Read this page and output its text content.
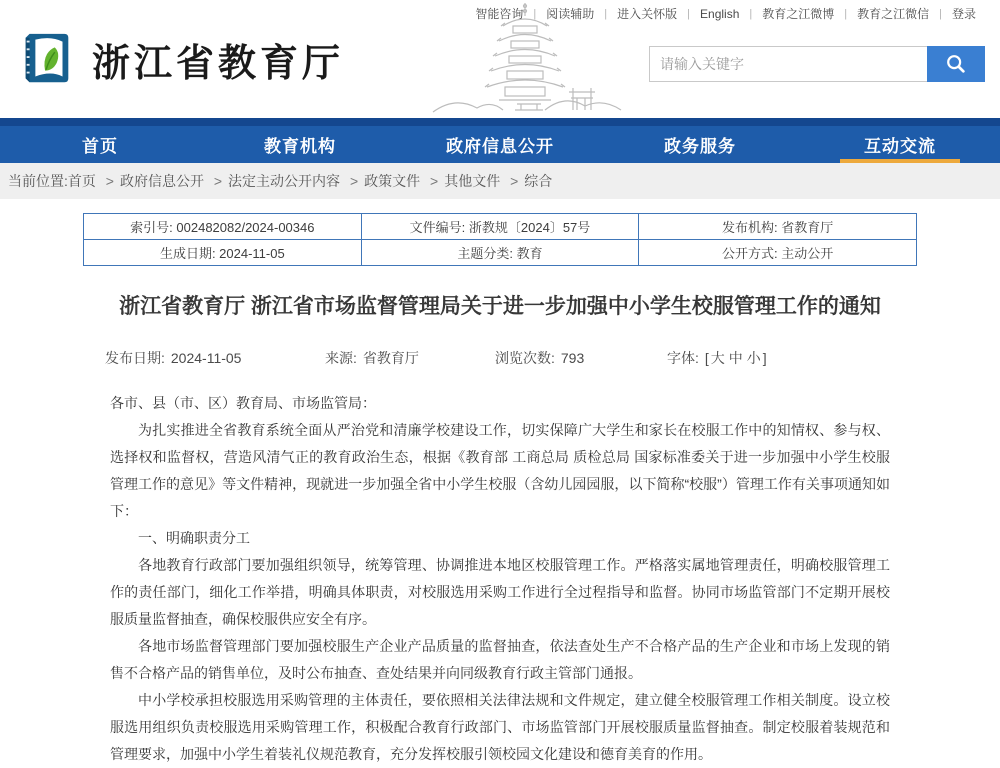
智能咨询 | 阅读辅助 | 进入关怀版 | English | 教育之江微博 | 教育之江微信 | 登录
浙江省教育厅
请输入关键字
首页	教育机构	政府信息公开	政务服务	互动交流
当前位置:首页 > 政府信息公开 > 法定主动公开内容 > 政策文件 > 其他文件 > 综合
索引号: 002482082/2024-00346	文件编号: 浙教规〔2024〕57号	发布机构: 省教育厅
生成日期: 2024-11-05	主题分类: 教育	公开方式: 主动公开
浙江省教育厅 浙江省市场监督管理局关于进一步加强中小学生校服管理工作的通知
发布日期: 2024-11-05	来源: 省教育厅	浏览次数: 793	字体: [ 大 中 小 ]

各市、县（市、区）教育局、市场监管局：

为扎实推进全省教育系统全面从严治党和清廉学校建设工作，切实保障广大学生和家长在校服工作中的知情权、参与权、选择权和监督权，营造风清气正的教育政治生态，根据《教育部 工商总局 质检总局 国家标准委关于进一步加强中小学生校服管理工作的意见》等文件精神，现就进一步加强全省中小学生校服（含幼儿园园服，以下简称“校服”）管理工作有关事项通知如下：

一、明确职责分工

各地教育行政部门要加强组织领导，统筹管理、协调推进本地区校服管理工作。严格落实属地管理责任，明确校服管理工作的责任部门，细化工作举措，明确具体职责，对校服选用采购工作进行全过程指导和监督。协同市场监管部门不定期开展校服质量监督抽查，确保校服供应安全有序。

各地市场监督管理部门要加强校服生产企业产品质量的监督抽查，依法查处生产不合格产品的生产企业和市场上发现的销售不合格产品的销售单位，及时公布抽查、查处结果并向同级教育行政主管部门通报。

中小学校承担校服选用采购管理的主体责任，要依照相关法律法规和文件规定，建立健全校服管理工作相关制度。设立校服选用组织负责校服选用采购管理工作，积极配合教育行政部门、市场监管部门开展校服质量监督抽查。制定校服着装规范和管理要求，加强中小学生着装礼仪规范教育，充分发挥校服引领校园文化建设和德育美育的作用。
